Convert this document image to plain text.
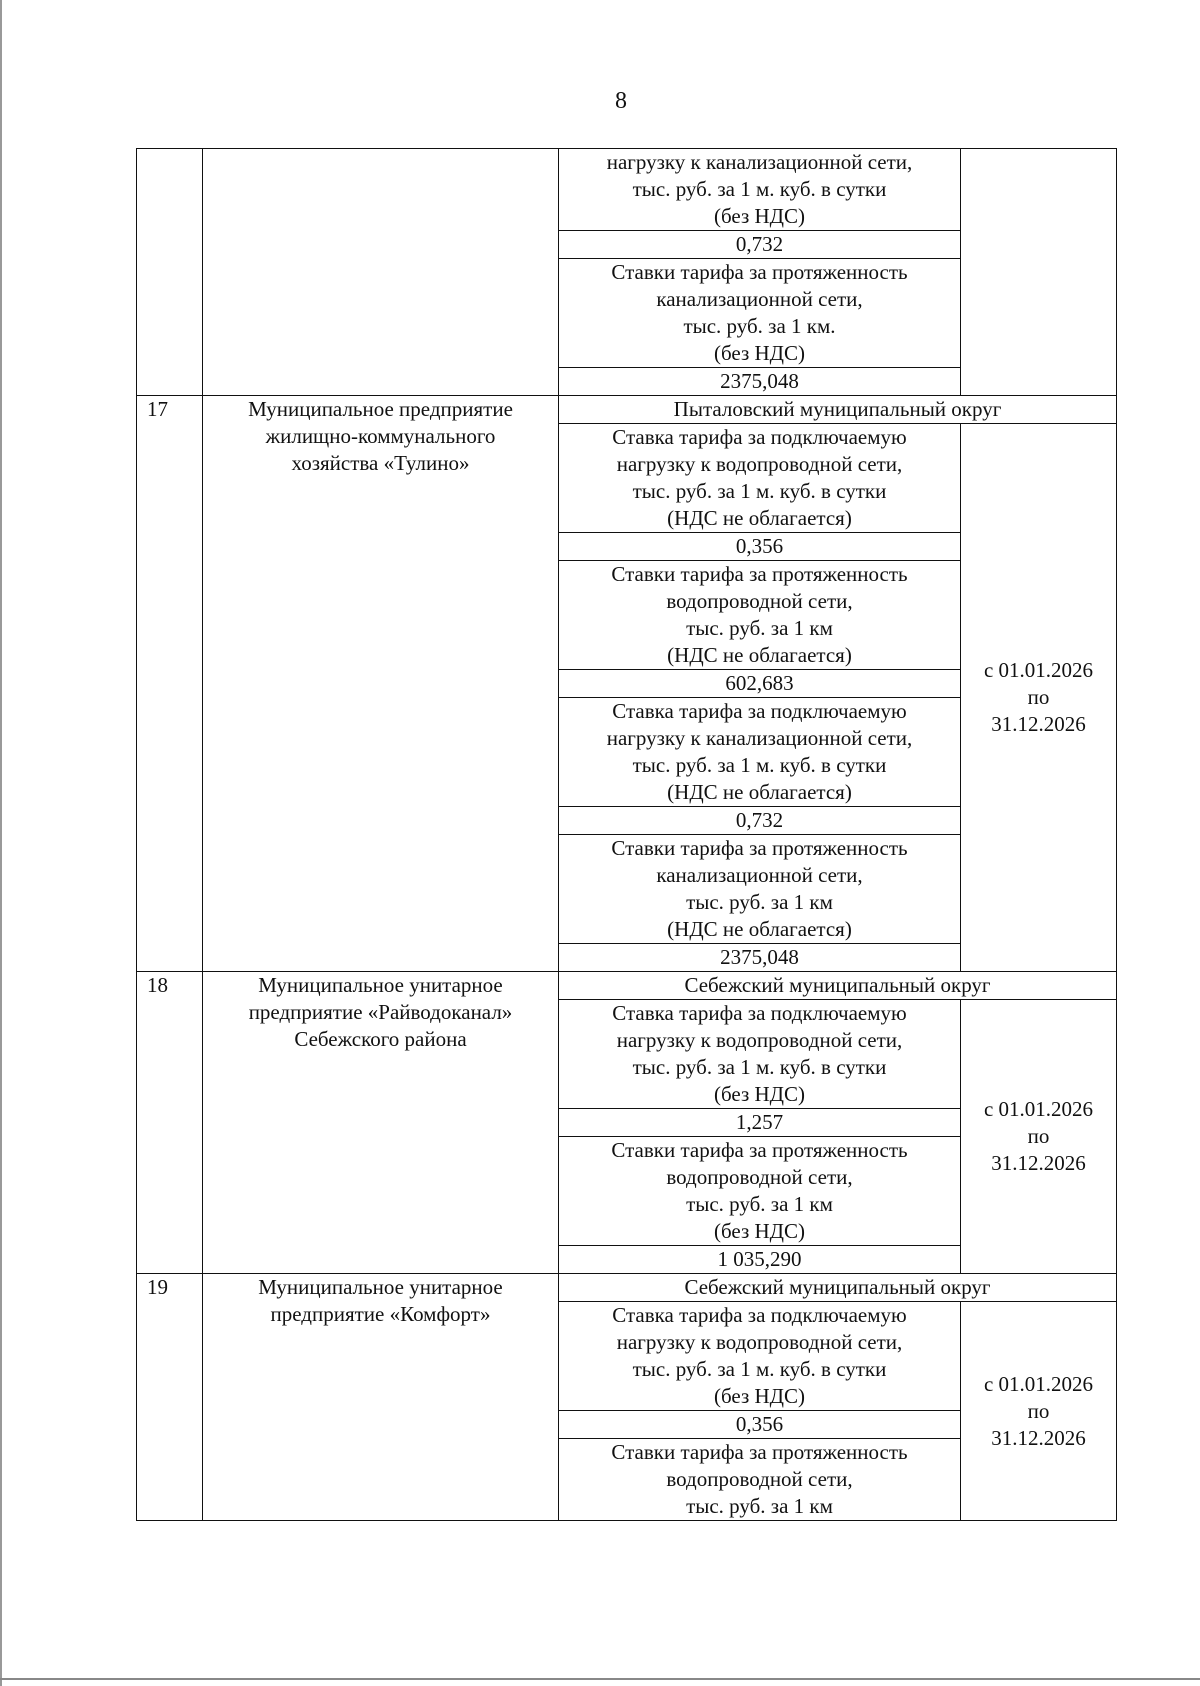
8

		нагрузку к канализационной сети,
тыс. руб. за 1 м. куб. в сутки
(без НДС)	

		0,732	

		Ставки тарифа за протяженность
канализационной сети,
тыс. руб. за 1 км.
(без НДС)	

		2375,048	
17	Муниципальное предприятие
жилищно-коммунального
хозяйства «Тулино»	Пыталовский муниципальный округ	

		Ставка тарифа за подключаемую
нагрузку к водопроводной сети,
тыс. руб. за 1 м. куб. в сутки
(НДС не облагается)	с 01.01.2026
по
31.12.2026

		0,356	

		Ставки тарифа за протяженность
водопроводной сети,
тыс. руб. за 1 км
(НДС не облагается)	

		602,683	

		Ставка тарифа за подключаемую
нагрузку к канализационной сети,
тыс. руб. за 1 м. куб. в сутки
(НДС не облагается)	

		0,732	

		Ставки тарифа за протяженность
канализационной сети,
тыс. руб. за 1 км
(НДС не облагается)	

		2375,048	
18	Муниципальное унитарное
предприятие «Райводоканал»
Себежского района	Себежский муниципальный округ	

		Ставка тарифа за подключаемую
нагрузку к водопроводной сети,
тыс. руб. за 1 м. куб. в сутки
(без НДС)	с 01.01.2026
по
31.12.2026

		1,257	

		Ставки тарифа за протяженность
водопроводной сети,
тыс. руб. за 1 км
(без НДС)	

		1 035,290	
19	Муниципальное унитарное
предприятие «Комфорт»	Себежский муниципальный округ	

		Ставка тарифа за подключаемую
нагрузку к водопроводной сети,
тыс. руб. за 1 м. куб. в сутки
(без НДС)	с 01.01.2026
по
31.12.2026

		0,356	

		Ставки тарифа за протяженность
водопроводной сети,
тыс. руб. за 1 км	
